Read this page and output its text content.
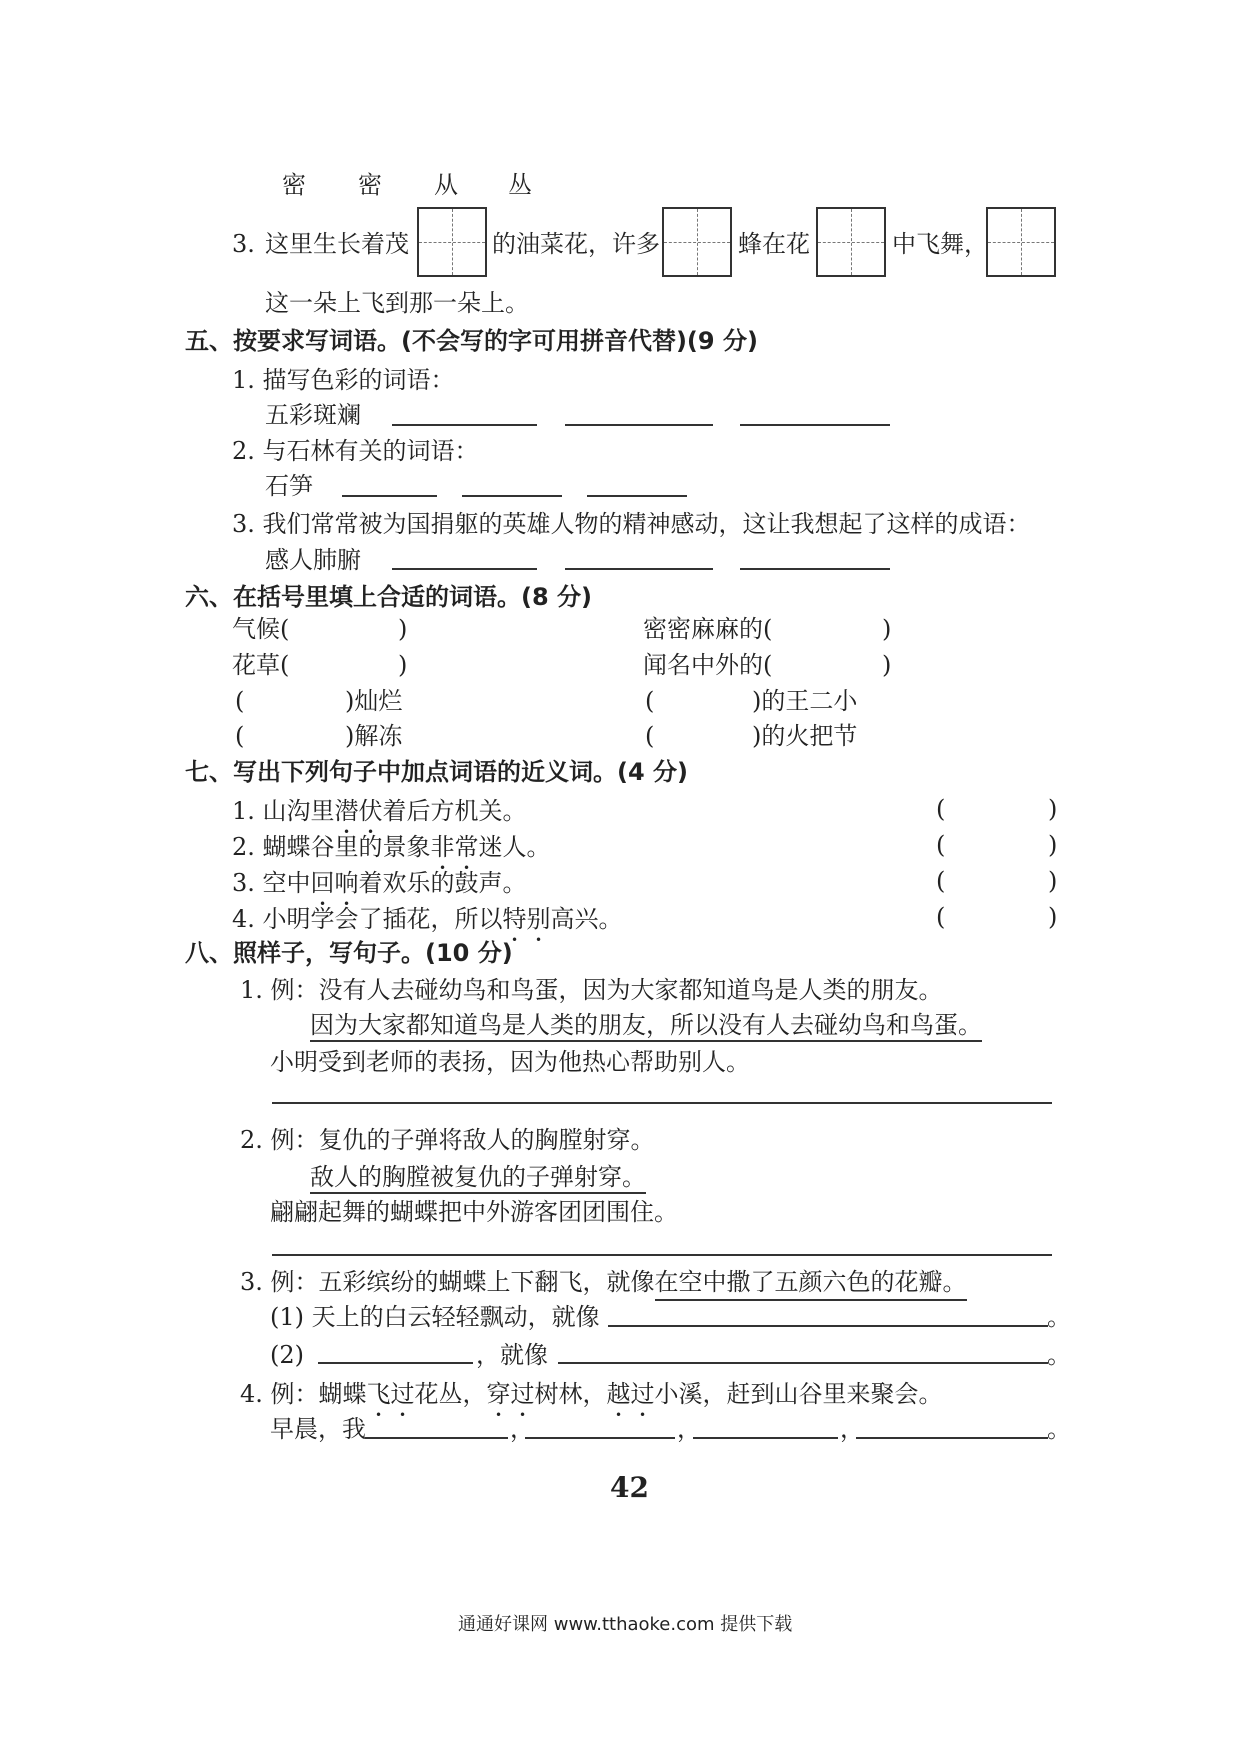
密 密 从 丛
3. 这里生长着茂	的油菜花，许多	蜂在花	中飞舞，
这一朵上飞到那一朵上。
五、按要求写词语。(不会写的字可用拼音代替)(9 分)
1. 描写色彩的词语：
五彩斑斓
2. 与石林有关的词语：
石笋
3. 我们常常被为国捐躯的英雄人物的精神感动，这让我想起了这样的成语：
感人肺腑
六、在括号里填上合适的词语。(8 分)
气候(	)	密密麻麻的(	)
花草(	)	闻名中外的(	)
(	)灿烂	(	)的王二小
(	)解冻	(	)的火把节
七、写出下列句子中加点词语的近义词。(4 分)
1. 山沟里潜伏着后方机关。	(	)
2. 蝴蝶谷里的景象非常迷人。	(	)
3. 空中回响着欢乐的鼓声。	(	)
4. 小明学会了插花，所以特别高兴。	(	)
八、照样子，写句子。(10 分)
1. 例：没有人去碰幼鸟和鸟蛋，因为大家都知道鸟是人类的朋友。
因为大家都知道鸟是人类的朋友，所以没有人去碰幼鸟和鸟蛋。
小明受到老师的表扬，因为他热心帮助别人。
2. 例：复仇的子弹将敌人的胸膛射穿。
敌人的胸膛被复仇的子弹射穿。
翩翩起舞的蝴蝶把中外游客团团围住。
3. 例：五彩缤纷的蝴蝶上下翻飞，就像在空中撒了五颜六色的花瓣。
(1) 天上的白云轻轻飘动，就像	。
(2)	，就像	。
4. 例：蝴蝶飞过花丛，穿过树林，越过小溪，赶到山谷里来聚会。
早晨，我	，	，	，	。
42
通通好课网 www.tthaoke.com 提供下载
